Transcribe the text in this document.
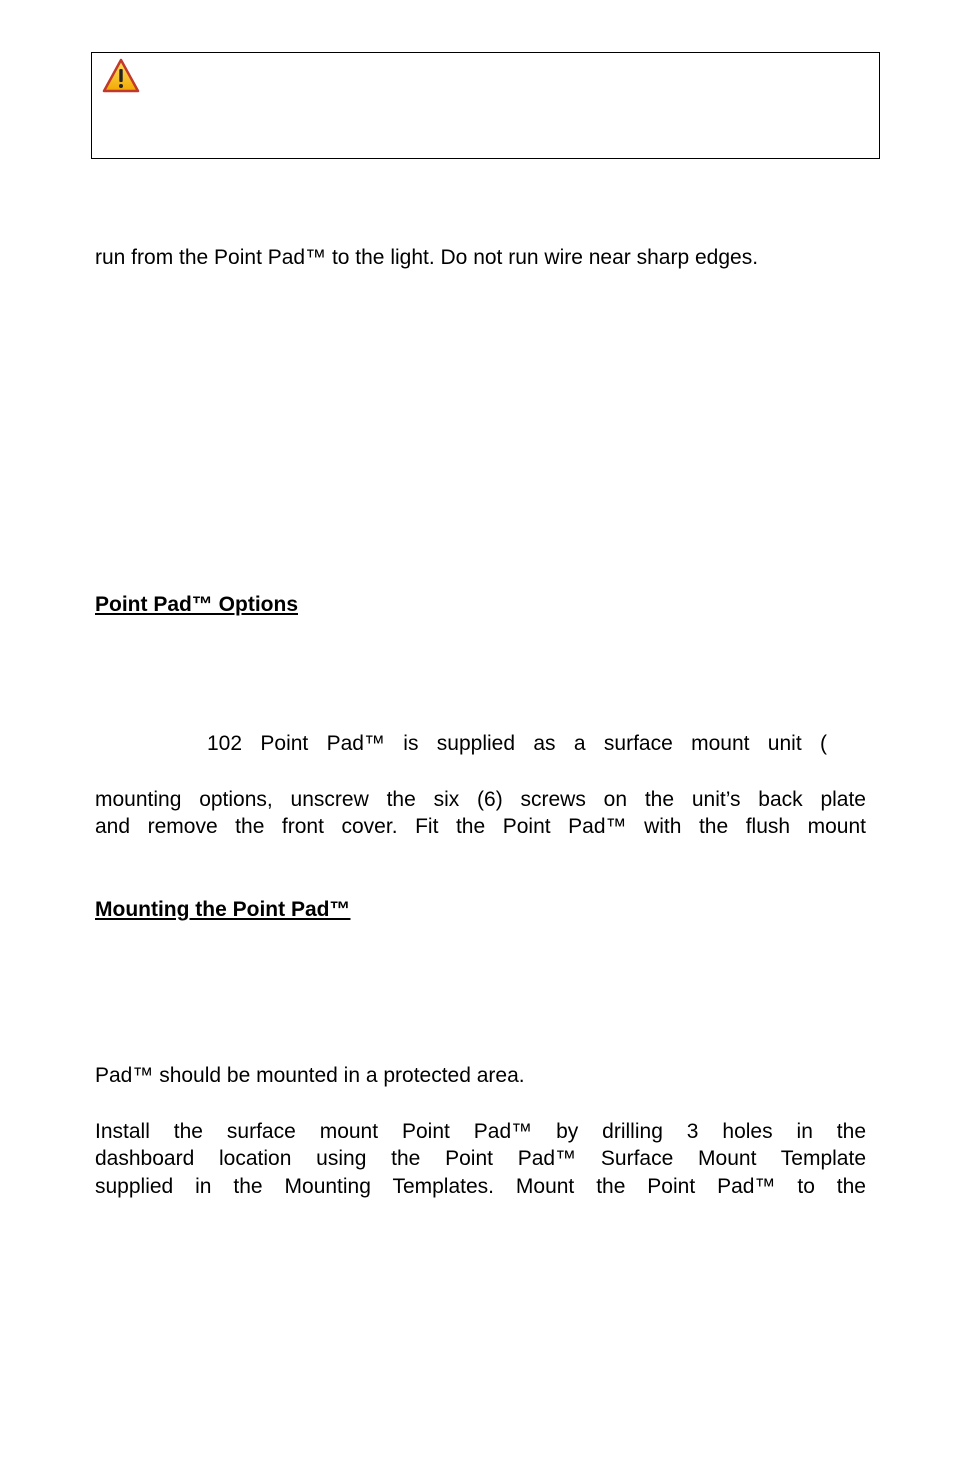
run from the Point Pad™ to the light. Do not run wire near sharp edges.
Point Pad™ Options
102 Point Pad™ is supplied as a surface mount unit (
mounting options, unscrew the six (6) screws on the unit’s back plate
and remove the front cover. Fit the Point Pad™ with the flush mount
Mounting the Point Pad™
Pad™ should be mounted in a protected area.
Install the surface mount Point Pad™ by drilling 3 holes in the
dashboard location using the Point Pad™ Surface Mount Template
supplied in the Mounting Templates. Mount the Point Pad™ to the
